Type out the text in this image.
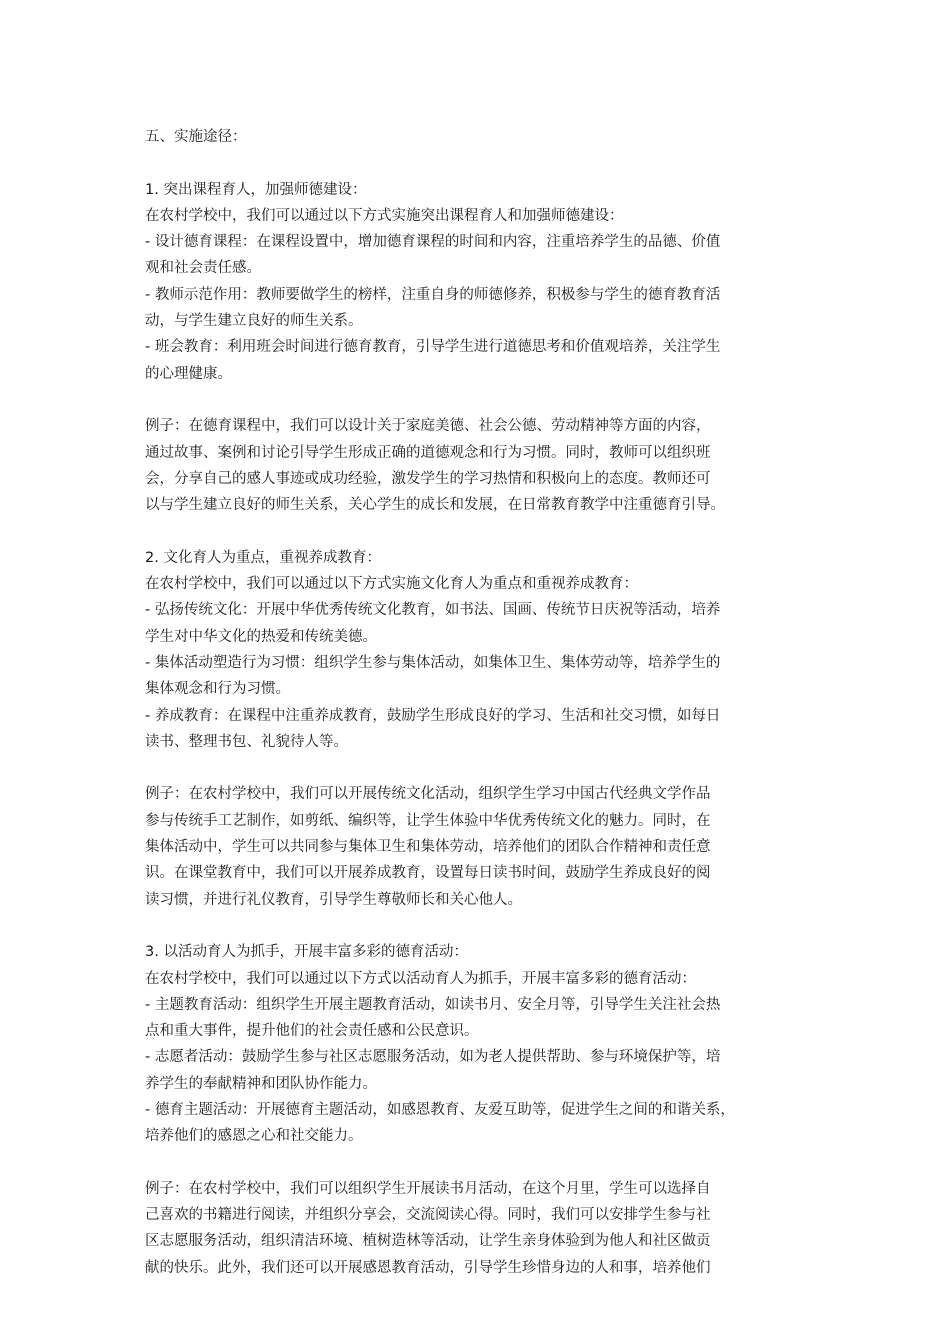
五、实施途径：
1. 突出课程育人，加强师德建设：
在农村学校中，我们可以通过以下方式实施突出课程育人和加强师德建设：
- 设计德育课程：在课程设置中，增加德育课程的时间和内容，注重培养学生的品德、价值
观和社会责任感。
- 教师示范作用：教师要做学生的榜样，注重自身的师德修养，积极参与学生的德育教育活
动，与学生建立良好的师生关系。
- 班会教育：利用班会时间进行德育教育，引导学生进行道德思考和价值观培养，关注学生
的心理健康。
例子：在德育课程中，我们可以设计关于家庭美德、社会公德、劳动精神等方面的内容，
通过故事、案例和讨论引导学生形成正确的道德观念和行为习惯。同时，教师可以组织班
会，分享自己的感人事迹或成功经验，激发学生的学习热情和积极向上的态度。教师还可
以与学生建立良好的师生关系，关心学生的成长和发展，在日常教育教学中注重德育引导。
2. 文化育人为重点，重视养成教育：
在农村学校中，我们可以通过以下方式实施文化育人为重点和重视养成教育：
- 弘扬传统文化：开展中华优秀传统文化教育，如书法、国画、传统节日庆祝等活动，培养
学生对中华文化的热爱和传统美德。
- 集体活动塑造行为习惯：组织学生参与集体活动，如集体卫生、集体劳动等，培养学生的
集体观念和行为习惯。
- 养成教育：在课程中注重养成教育，鼓励学生形成良好的学习、生活和社交习惯，如每日
读书、整理书包、礼貌待人等。
例子：在农村学校中，我们可以开展传统文化活动，组织学生学习中国古代经典文学作品
参与传统手工艺制作，如剪纸、编织等，让学生体验中华优秀传统文化的魅力。同时，在
集体活动中，学生可以共同参与集体卫生和集体劳动，培养他们的团队合作精神和责任意
识。在课堂教育中，我们可以开展养成教育，设置每日读书时间，鼓励学生养成良好的阅
读习惯，并进行礼仪教育，引导学生尊敬师长和关心他人。
3. 以活动育人为抓手，开展丰富多彩的德育活动：
在农村学校中，我们可以通过以下方式以活动育人为抓手，开展丰富多彩的德育活动：
- 主题教育活动：组织学生开展主题教育活动，如读书月、安全月等，引导学生关注社会热
点和重大事件，提升他们的社会责任感和公民意识。
- 志愿者活动：鼓励学生参与社区志愿服务活动，如为老人提供帮助、参与环境保护等，培
养学生的奉献精神和团队协作能力。
- 德育主题活动：开展德育主题活动，如感恩教育、友爱互助等，促进学生之间的和谐关系，
培养他们的感恩之心和社交能力。
例子：在农村学校中，我们可以组织学生开展读书月活动，在这个月里，学生可以选择自
己喜欢的书籍进行阅读，并组织分享会，交流阅读心得。同时，我们可以安排学生参与社
区志愿服务活动，组织清洁环境、植树造林等活动，让学生亲身体验到为他人和社区做贡
献的快乐。此外，我们还可以开展感恩教育活动，引导学生珍惜身边的人和事，培养他们
